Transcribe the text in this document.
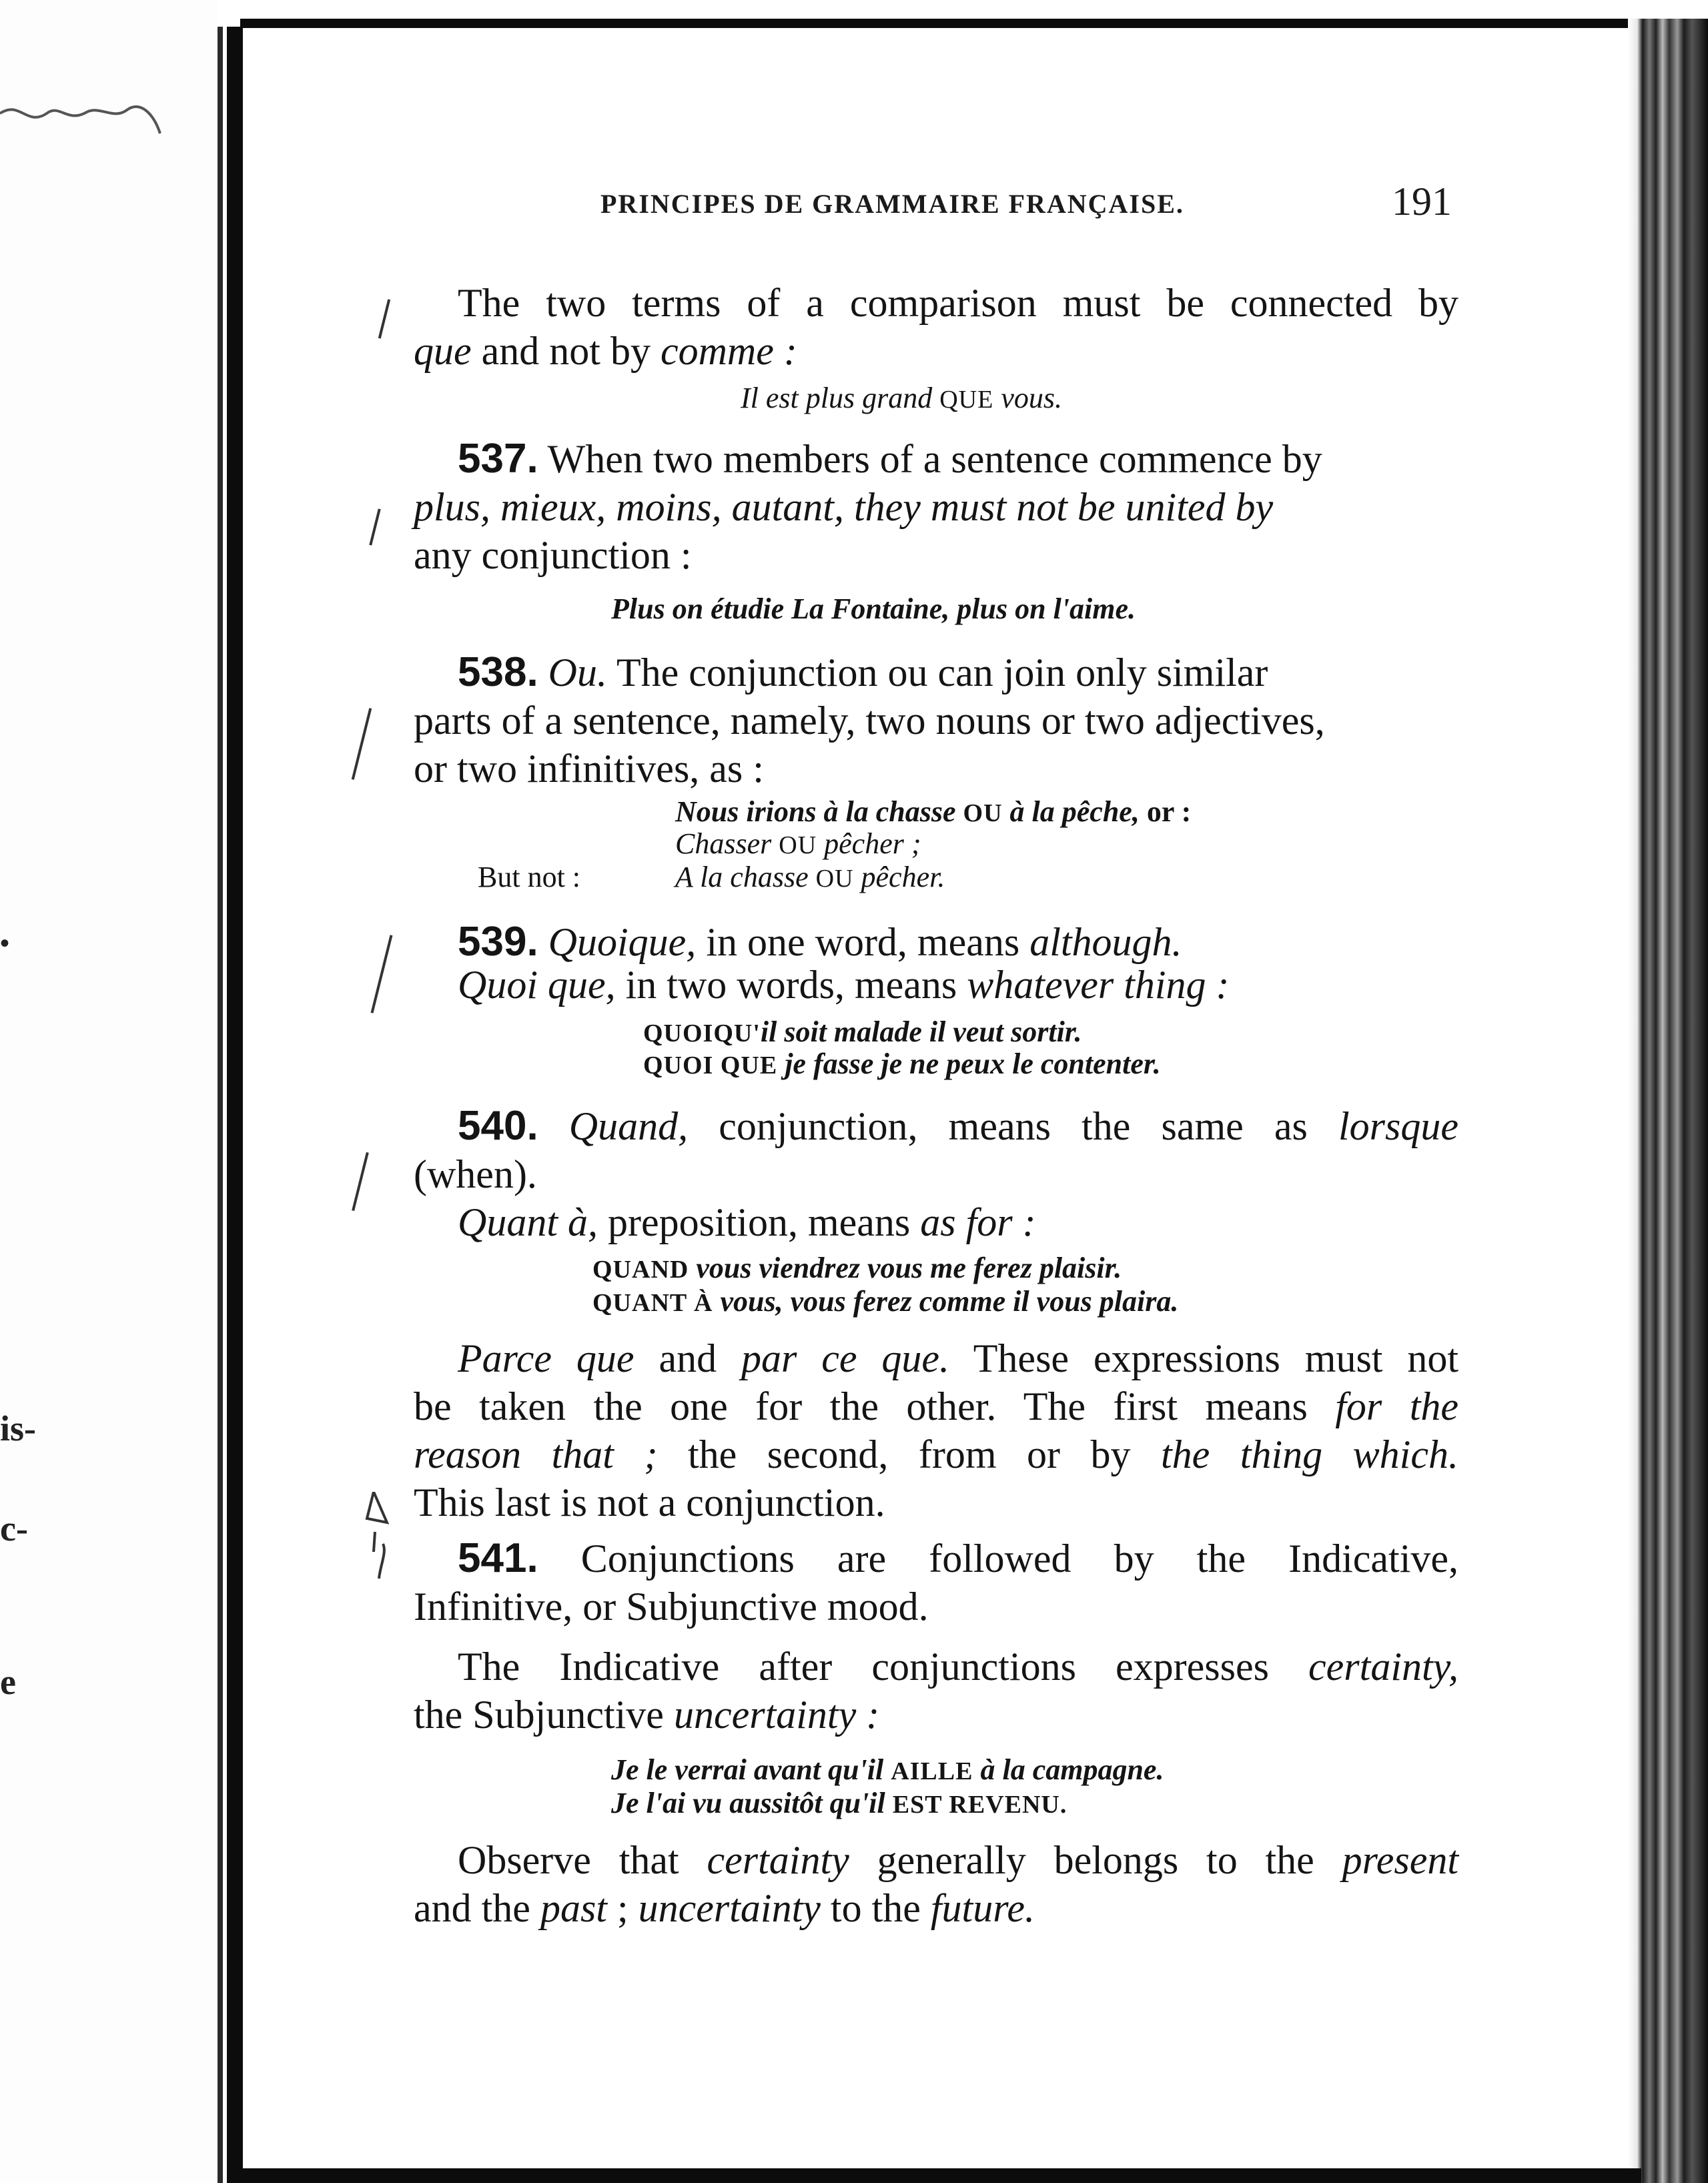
•
is-
c-
e
PRINCIPES DE GRAMMAIRE FRANÇAISE.	191
The two terms of a comparison must be connected by
que and not by comme :
Il est plus grand QUE vous.
537. When two members of a sentence commence by
plus, mieux, moins, autant, they must not be united by
any conjunction :
Plus on étudie La Fontaine, plus on l'aime.
538. Ou. The conjunction ou can join only similar
parts of a sentence, namely, two nouns or two adjectives,
or two infinitives, as :
Nous irions à la chasse OU à la pêche, or :
Chasser OU pêcher ;
But not :	A la chasse OU pêcher.
539. Quoique, in one word, means although.
Quoi que, in two words, means whatever thing :
QUOIQU'il soit malade il veut sortir.
QUOI QUE je fasse je ne peux le contenter.
540. Quand, conjunction, means the same as lorsque
(when).
Quant à, preposition, means as for :
QUAND vous viendrez vous me ferez plaisir.
QUANT À vous, vous ferez comme il vous plaira.
Parce que and par ce que. These expressions must not
be taken the one for the other. The first means for the
reason that ; the second, from or by the thing which.
This last is not a conjunction.
541. Conjunctions are followed by the Indicative,
Infinitive, or Subjunctive mood.
The Indicative after conjunctions expresses certainty,
the Subjunctive uncertainty :
Je le verrai avant qu'il AILLE à la campagne.
Je l'ai vu aussitôt qu'il EST REVENU.
Observe that certainty generally belongs to the present
and the past ; uncertainty to the future.
